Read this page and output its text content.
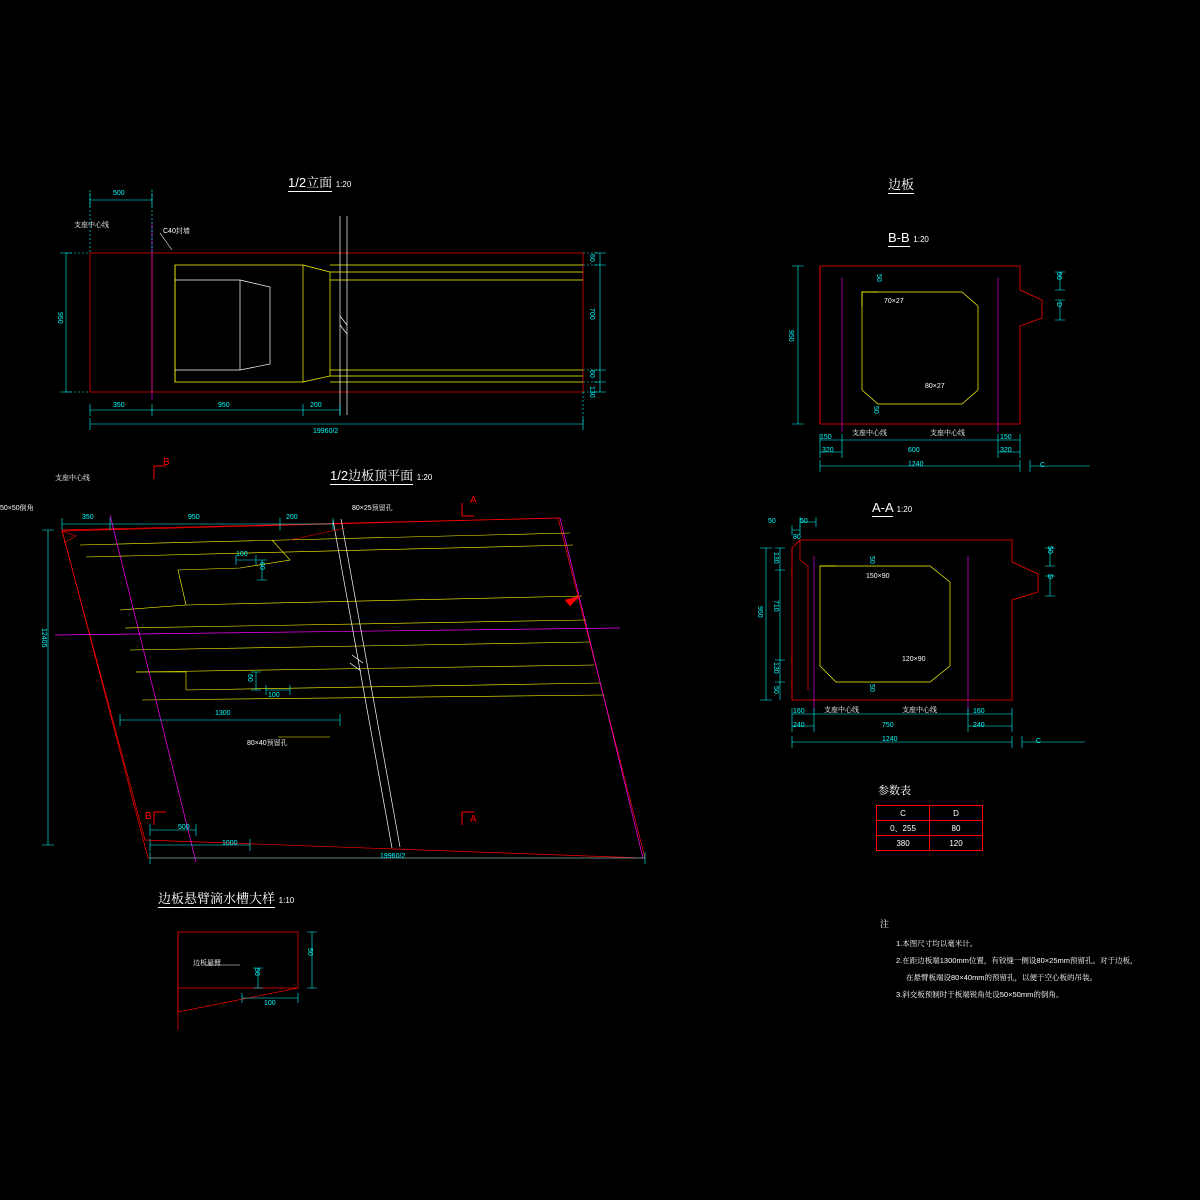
1/2立面 1:20
支座中心线
C40封墙
500
950
350	950	200
19960/2
60
700
60
130
1/2边板顶平面 1:20
支座中心线
50×50倒角	80×25预留孔
80×40预留孔
A
A
B
B
350	950	200
100
60
60
100
1300
500
1000
19960/2
12405
边板悬臂滴水槽大样 1:10
边板悬臂
50
50
100
边板
B-B 1:20
70×27
80×27
支座中心线	支座中心线
C
950
50
50
50
D
150	150
320	320
600
1240
A-A 1:20
150×90
120×90
支座中心线	支座中心线
C
50	50
80
950
130
710
130
50
50
50
50
D
160	160
240	240
750
1240
参数表
C	D
0、255	80
380	120
注
1.本图尺寸均以毫米计。
2.在距边板端1300mm位置，有铰缝一侧设80×25mm预留孔。对于边板，
在悬臂板端设80×40mm的预留孔，以便于空心板的吊装。
3.斜交板预制时于板端锐角处设50×50mm的倒角。
